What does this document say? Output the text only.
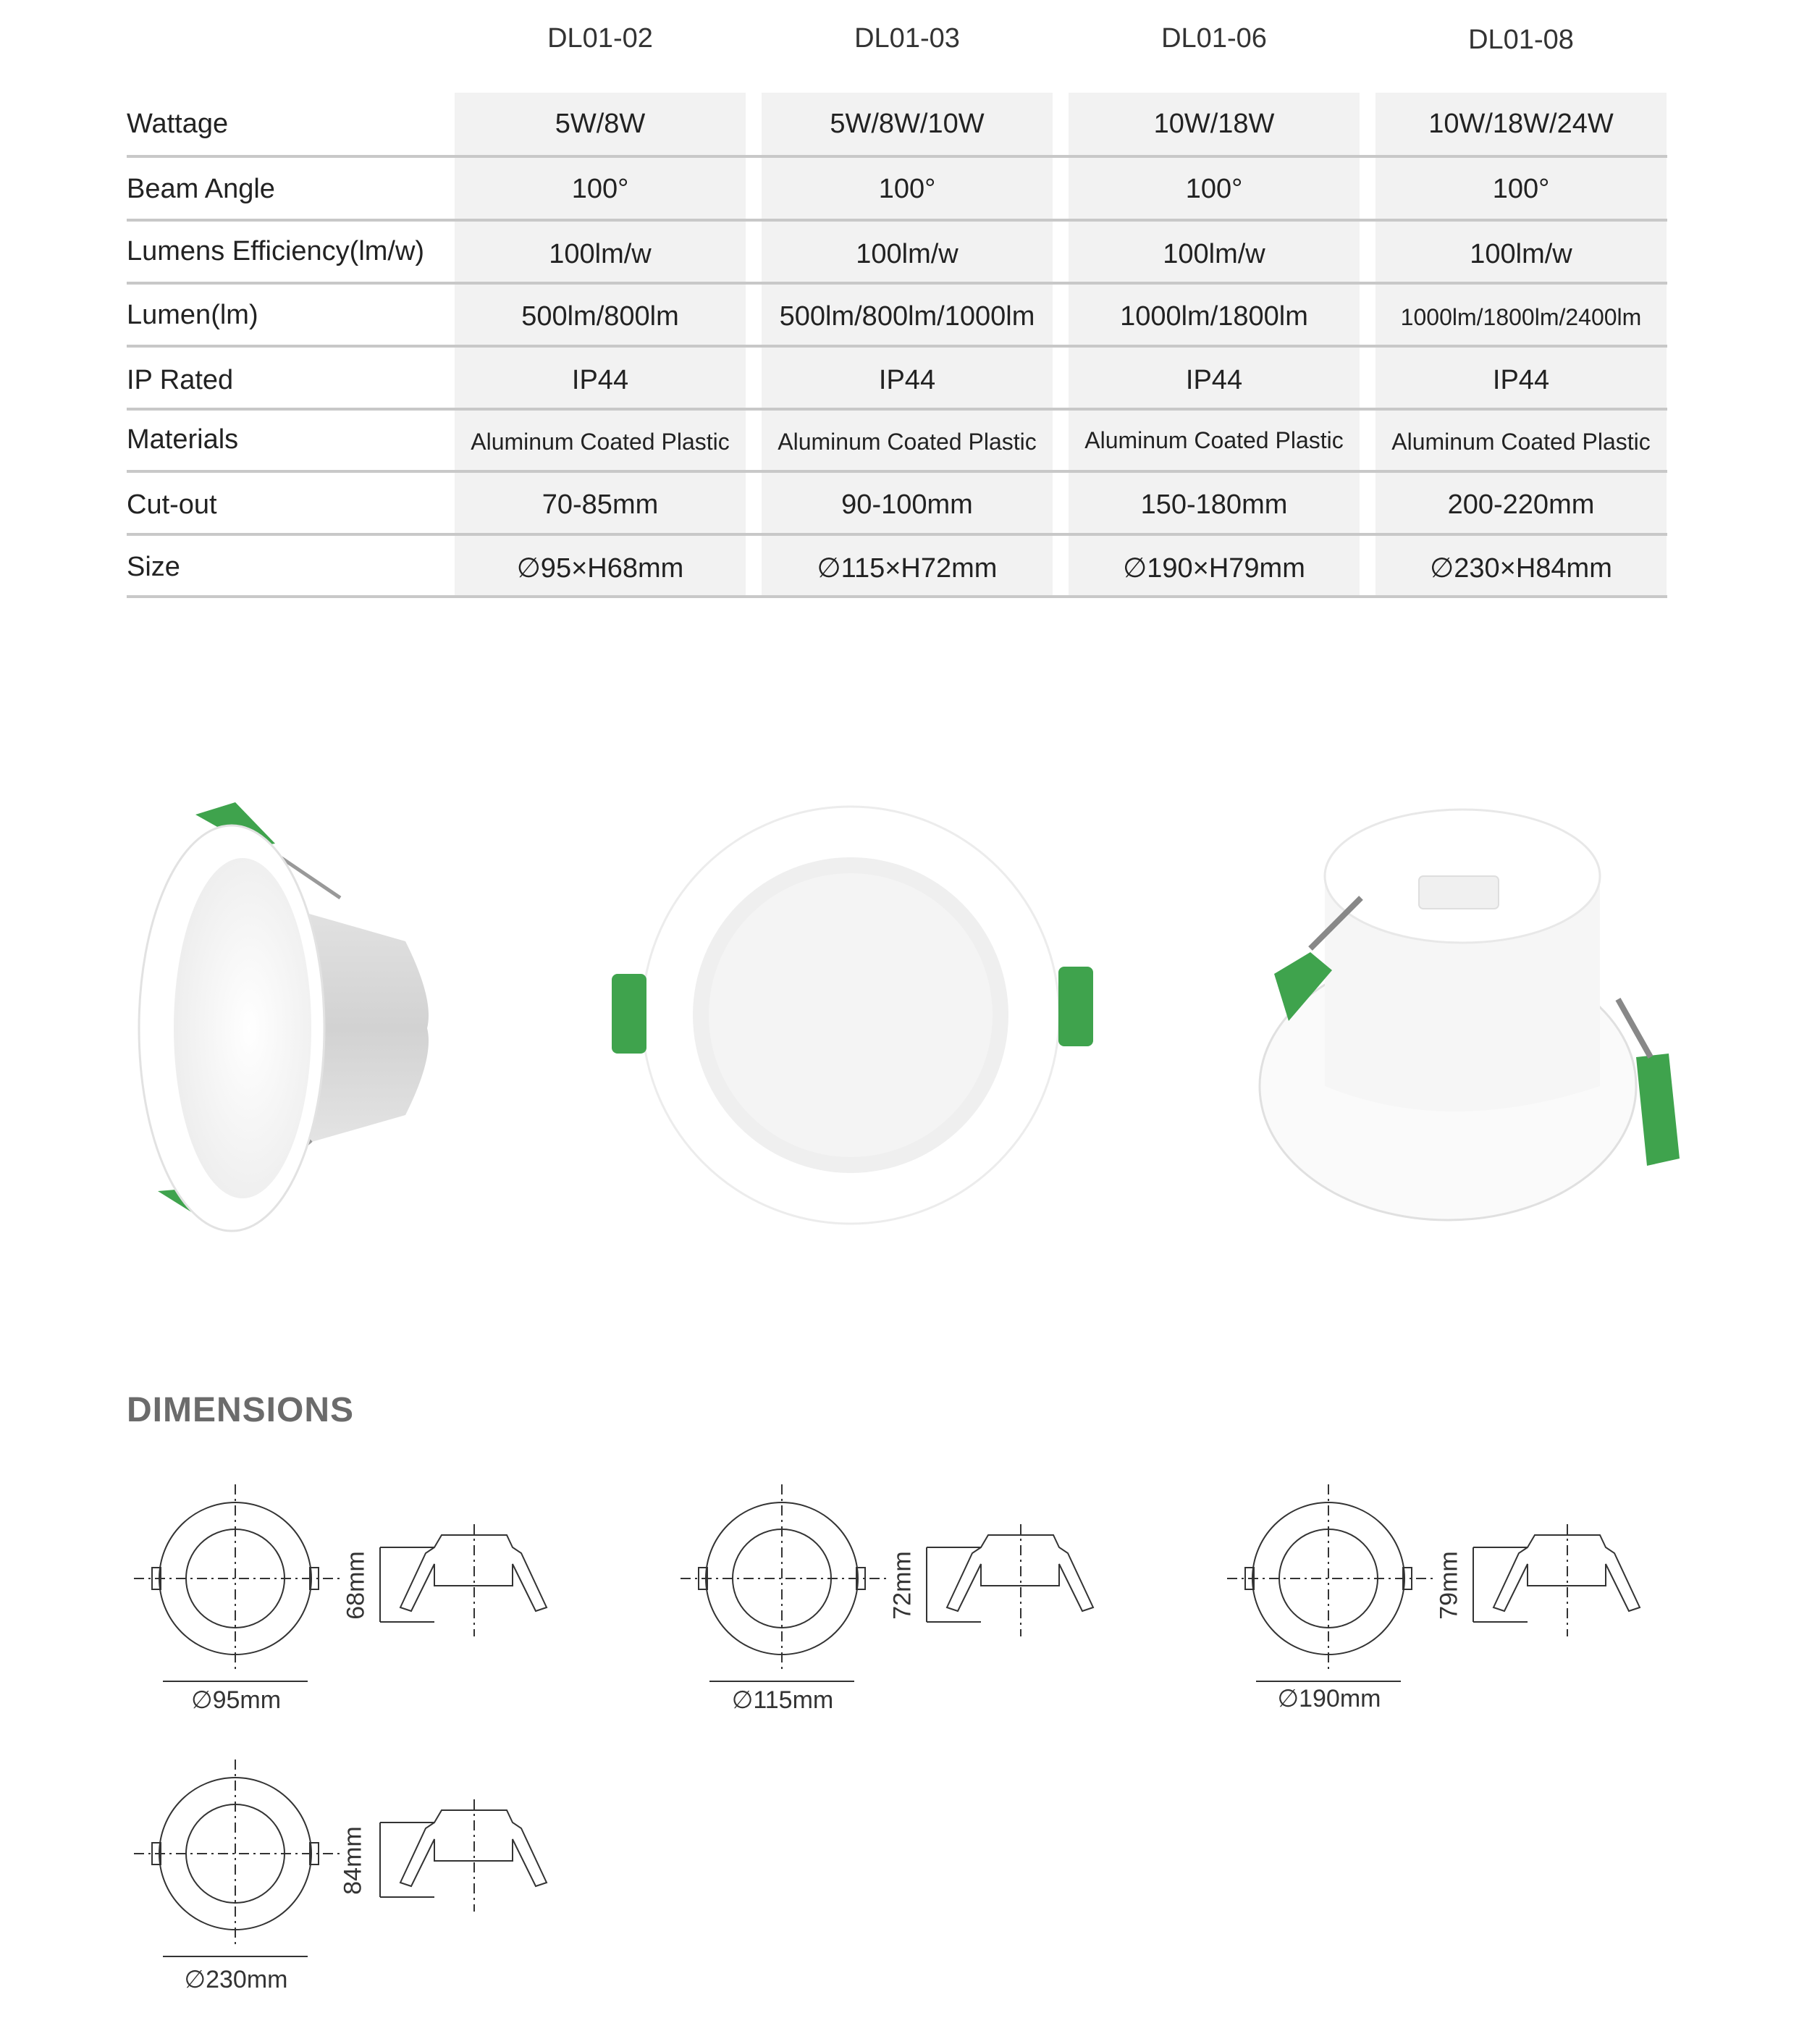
DL01-02	DL01-03	DL01-06	DL01-08
Wattage	5W/8W	5W/8W/10W	10W/18W	10W/18W/24W
Beam Angle	100°	100°	100°	100°
Lumens Efficiency(lm/w)	100lm/w	100lm/w	100lm/w	100lm/w
Lumen(lm)	500lm/800lm	500lm/800lm/1000lm	1000lm/1800lm	1000lm/1800lm/2400lm
IP Rated	IP44	IP44	IP44	IP44
Materials	Aluminum Coated Plastic	Aluminum Coated Plastic	Aluminum Coated Plastic	Aluminum Coated Plastic
Cut-out	70-85mm	90-100mm	150-180mm	200-220mm
Size	∅95×H68mm	∅115×H72mm	∅190×H79mm	∅230×H84mm
DIMENSIONS
68mm
∅95mm
72mm
∅115mm
79mm
∅190mm
84mm
∅230mm
